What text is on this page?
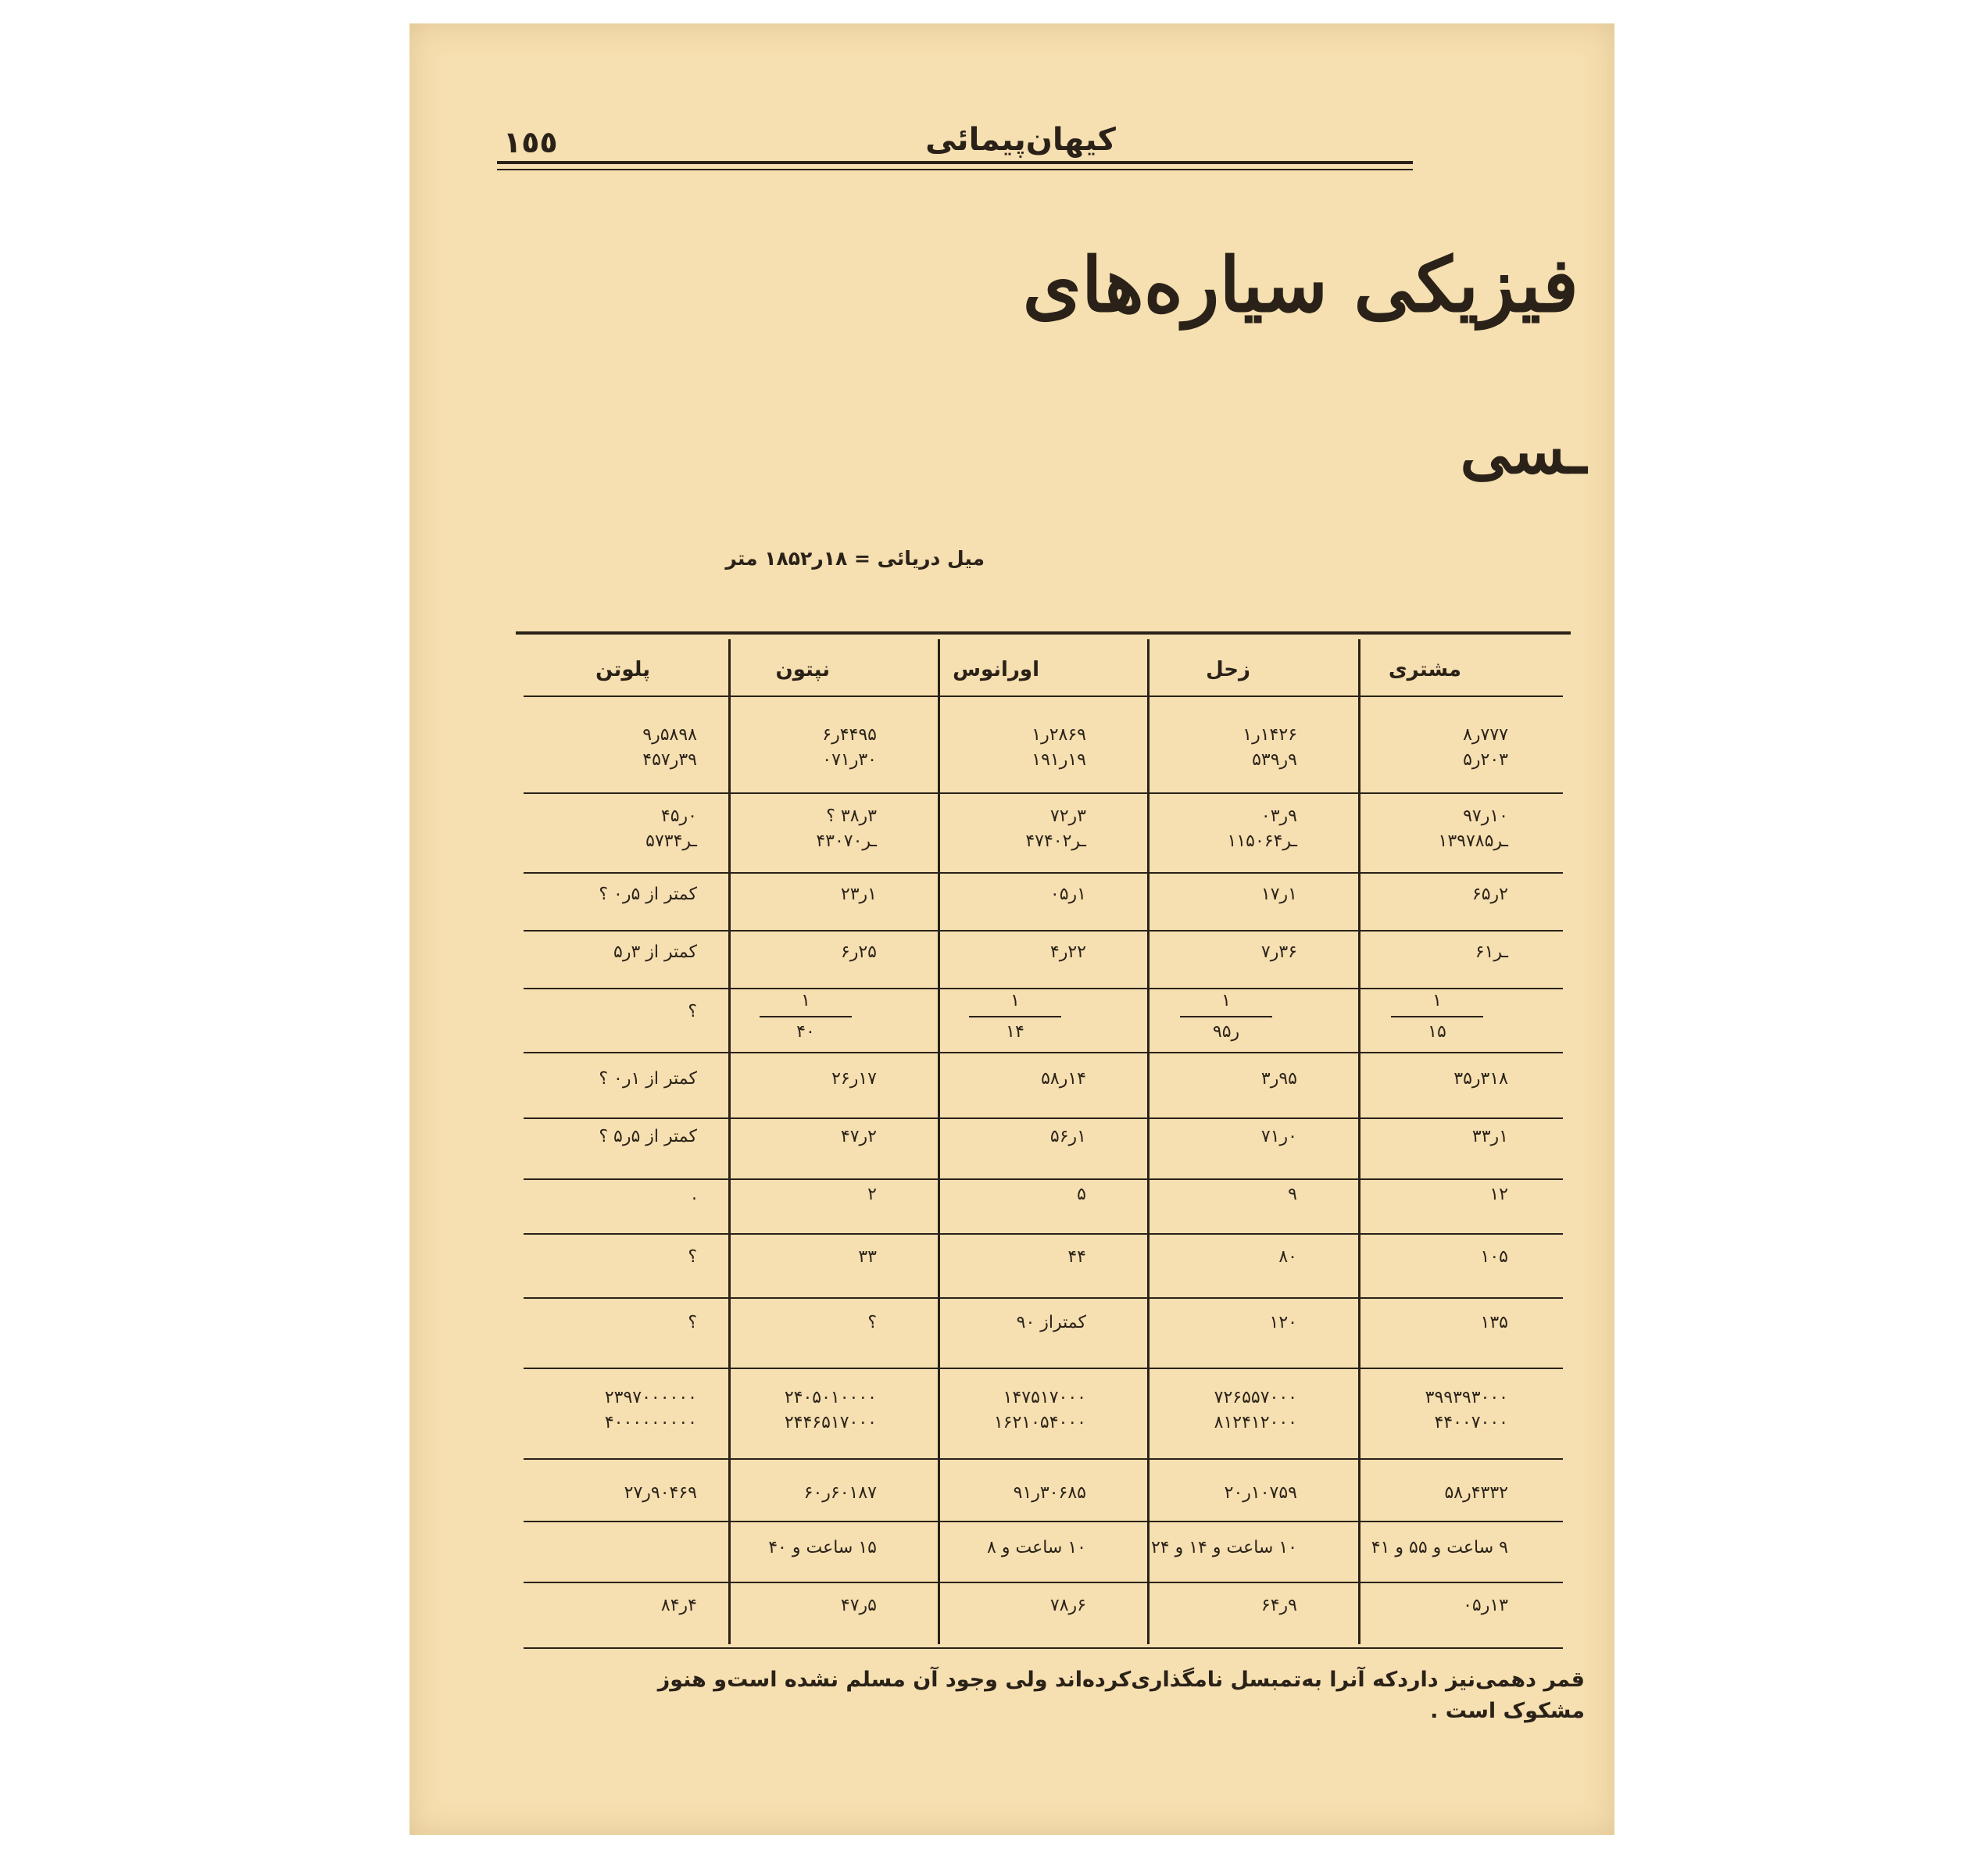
١٥٥	کیهان‌پیمائی
فیزیکی سیاره‌های
ـسی
میل دریائی = ۱۸ر۱۸۵۲ متر
مشتری
زحل
اورانوس
نپتون
پلوتن
۷۷۷ر۸
۲۰۳ر۵
۱۴۲۶ر۱
۹ر۵۳۹
۲۸۶۹ر۱
۱۹ر۱۹۱
۴۴۹۵ر۶
۳۰ر۰۷۱
۵۸۹۸ر۹
۳۹ر۴۵۷
۱۰ر۹۷
ـر۱۳۹۷۸۵
۹ر۰۳
ـر۱۱۵۰۶۴
۳ر۷۲
ـر۴۷۴۰۲
۳ر۳۸ ؟
ـر۴۳۰۷۰
۰ر۴۵
ـر۵۷۳۴
۲ر۶۵
۱ر۱۷
۱ر۰۵
۱ر۲۳
کمتر از ۵ر۰ ؟
ـر۶۱
۳۶ر۷
۲۲ر۴
۲۵ر۶
کمتر از ۳ر۵
۱
۱۵
۱
۹ر۵
۱
۱۴
۱
۴۰
؟
۳۱۸ر۳۵
۹۵ر۳
۱۴ر۵۸
۱۷ر۲۶
کمتر از ۱ر۰ ؟
۱ر۳۳
۰ر۷۱
۱ر۵۶
۲ر۴۷
کمتر از ۵ر۵ ؟
۱۲
۹
۵
۲
.
۱۰۵
۸۰
۴۴
۳۳
؟
۱۳۵
۱۲۰
کمتراز ۹۰
؟
؟
۳۹۹۳۹۳۰۰۰
۴۴۰۰۷۰۰۰
۷۲۶۵۵۷۰۰۰
۸۱۲۴۱۲۰۰۰
۱۴۷۵۱۷۰۰۰
۱۶۲۱۰۵۴۰۰۰
۲۴۰۵۰۱۰۰۰۰
۲۴۴۶۵۱۷۰۰۰
۲۳۹۷۰۰۰۰۰۰
۴۰۰۰۰۰۰۰۰۰
۴۳۳۲ر۵۸
۱۰۷۵۹ر۲۰
۳۰۶۸۵ر۹۱
۶۰۱۸۷ر۶۰
۹۰۴۶۹ر۲۷
۹ ساعت و ۵۵ و ۴۱
۱۰ ساعت و ۱۴ و ۲۴
۱۰ ساعت و ۸
۱۵ ساعت و ۴۰
۱۳ر۰۵
۹ر۶۴
۶ر۷۸
۵ر۴۷
۴ر۸۴
قمر دهمی‌نیز داردکه آنرا به‌تمبسل نامگذاری‌کرده‌اند ولی وجود آن مسلم نشده است‌و هنوز مشکوک است .
